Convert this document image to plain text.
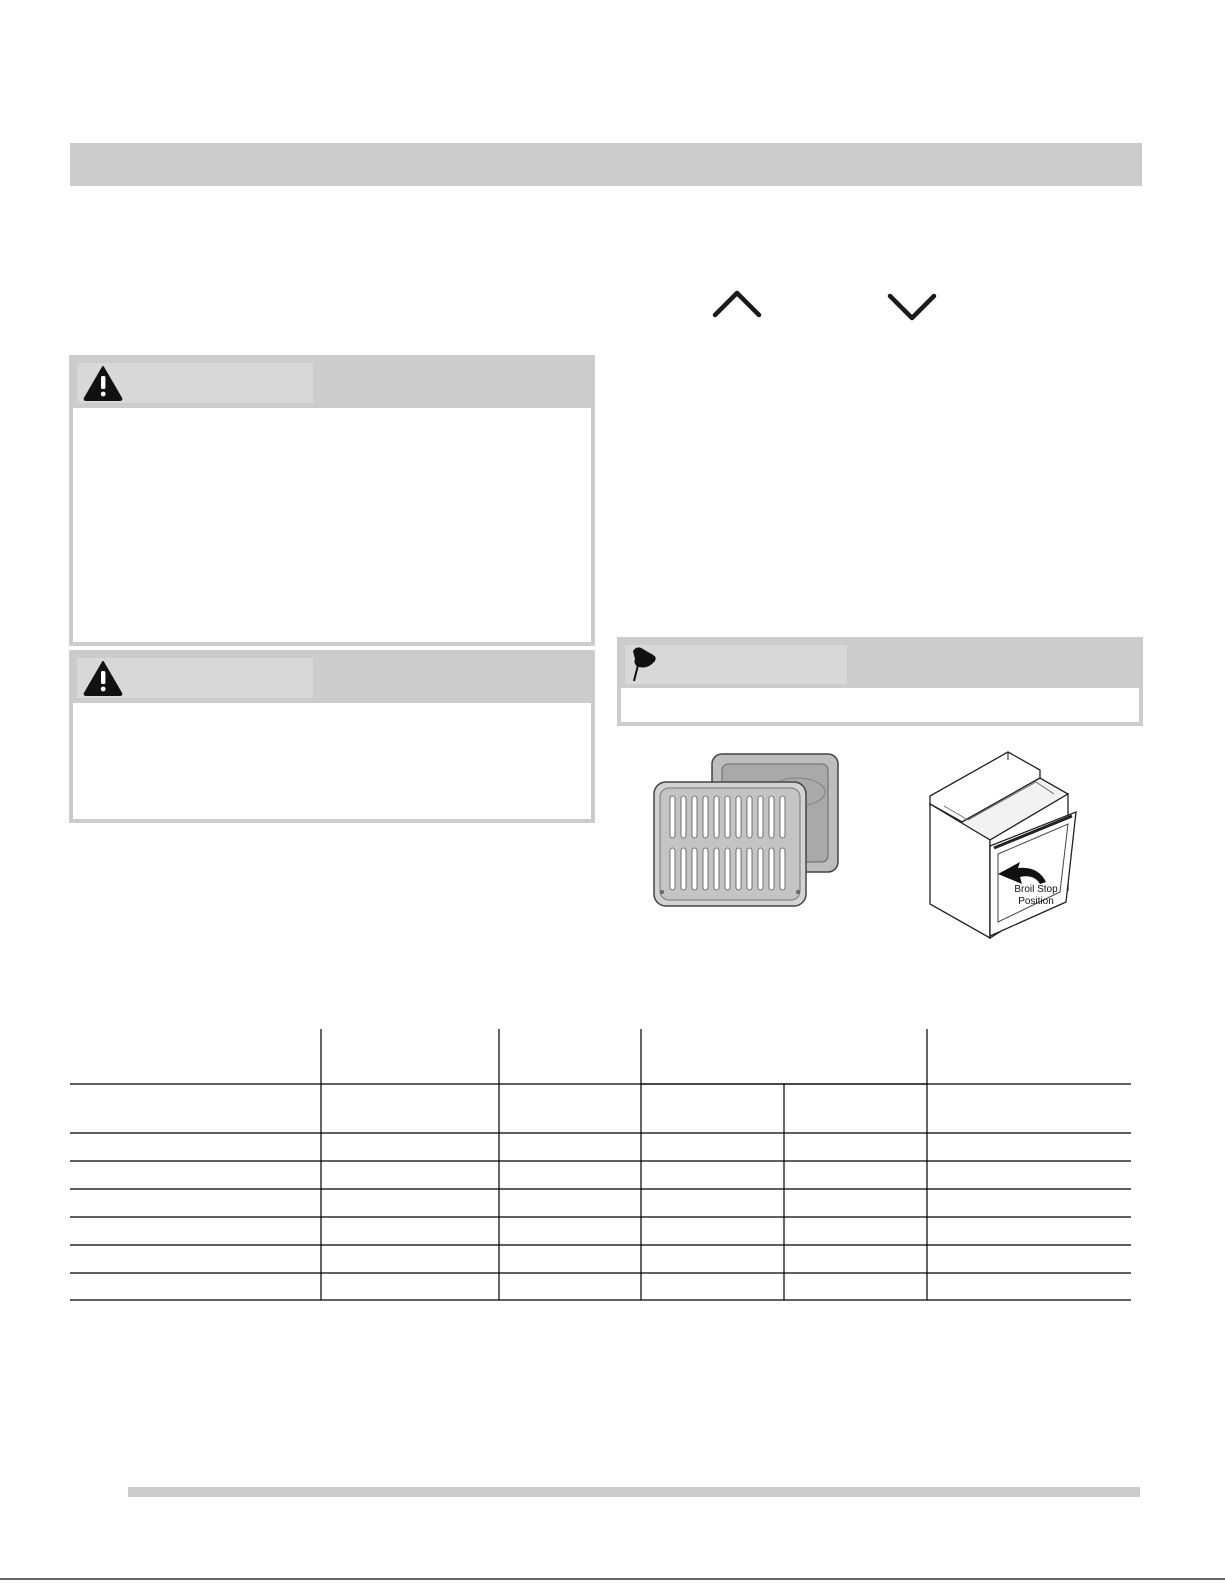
Broil Stop
Position
